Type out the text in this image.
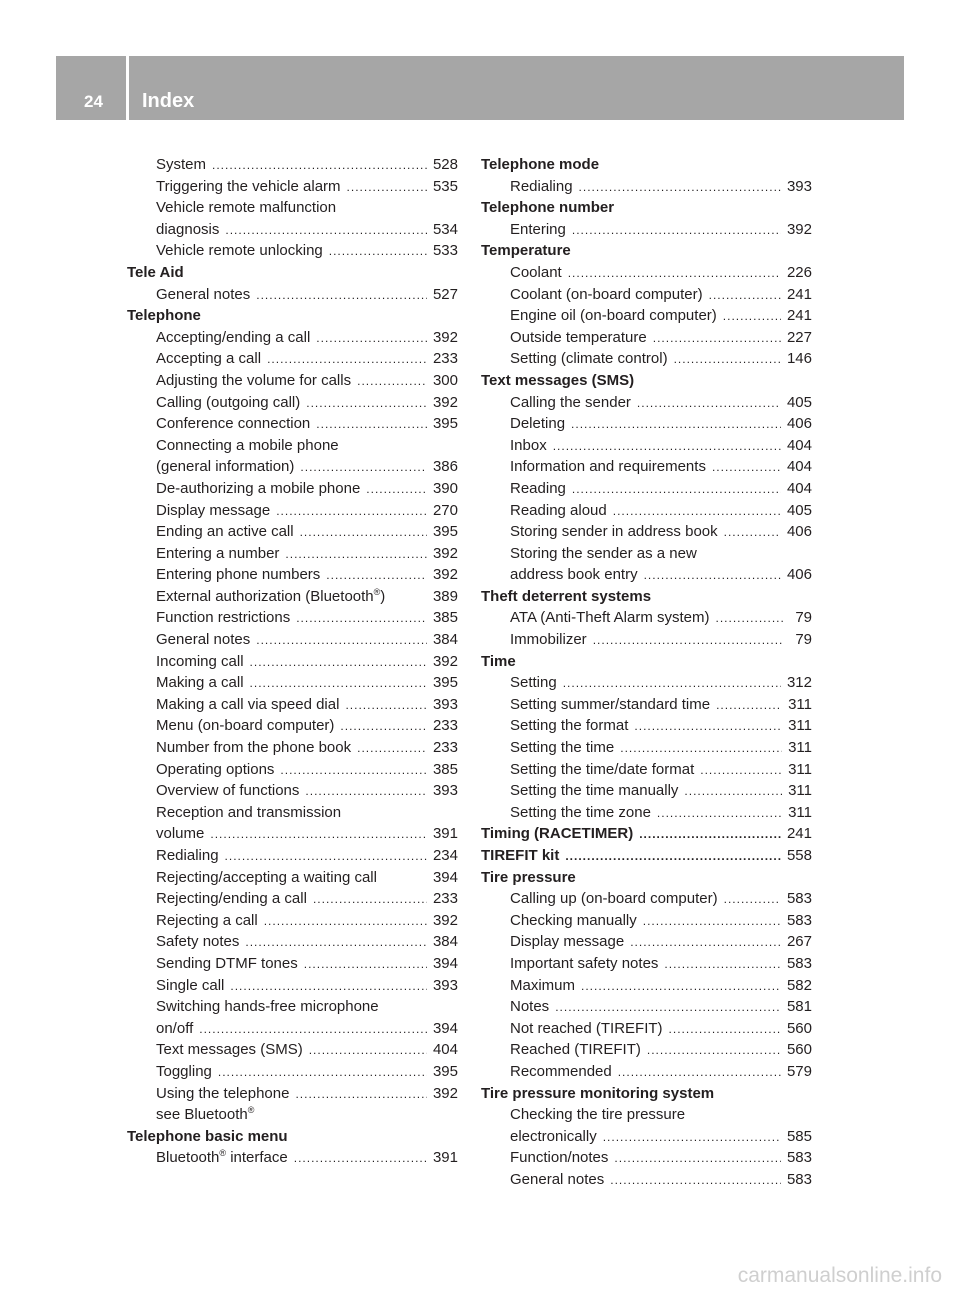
24 Index
System .....	528
Triggering the vehicle alarm .....	535
Vehicle remote malfunction
diagnosis .....	534
Vehicle remote unlocking .....	533
Tele Aid
General notes .....	527
Telephone
Accepting/ending a call .....	392
Accepting a call .....	233
Adjusting the volume for calls .....	300
Calling (outgoing call) .....	392
Conference connection .....	395
Connecting a mobile phone
(general information) .....	386
De-authorizing a mobile phone .....	390
Display message .....	270
Ending an active call .....	395
Entering a number .....	392
Entering phone numbers .....	392
External authorization (Bluetooth®)	389
Function restrictions .....	385
General notes .....	384
Incoming call .....	392
Making a call .....	395
Making a call via speed dial .....	393
Menu (on-board computer) .....	233
Number from the phone book .....	233
Operating options .....	385
Overview of functions .....	393
Reception and transmission
volume .....	391
Redialing .....	234
Rejecting/accepting a waiting call	394
Rejecting/ending a call .....	233
Rejecting a call .....	392
Safety notes .....	384
Sending DTMF tones .....	394
Single call .....	393
Switching hands-free microphone
on/off .....	394
Text messages (SMS) .....	404
Toggling .....	395
Using the telephone .....	392
see Bluetooth®
Telephone basic menu
Bluetooth® interface .....	391
Telephone mode
Redialing .....	393
Telephone number
Entering .....	392
Temperature
Coolant .....	226
Coolant (on-board computer) .....	241
Engine oil (on-board computer) .....	241
Outside temperature .....	227
Setting (climate control) .....	146
Text messages (SMS)
Calling the sender .....	405
Deleting .....	406
Inbox .....	404
Information and requirements .....	404
Reading .....	404
Reading aloud .....	405
Storing sender in address book .....	406
Storing the sender as a new
address book entry .....	406
Theft deterrent systems
ATA (Anti-Theft Alarm system) .....	79
Immobilizer .....	79
Time
Setting .....	312
Setting summer/standard time .....	311
Setting the format .....	311
Setting the time .....	311
Setting the time/date format .....	311
Setting the time manually .....	311
Setting the time zone .....	311
Timing (RACETIMER) .....	241
TIREFIT kit .....	558
Tire pressure
Calling up (on-board computer) .....	583
Checking manually .....	583
Display message .....	267
Important safety notes .....	583
Maximum .....	582
Notes .....	581
Not reached (TIREFIT) .....	560
Reached (TIREFIT) .....	560
Recommended .....	579
Tire pressure monitoring system
Checking the tire pressure
electronically .....	585
Function/notes .....	583
General notes .....	583
carmanualsonline.info
